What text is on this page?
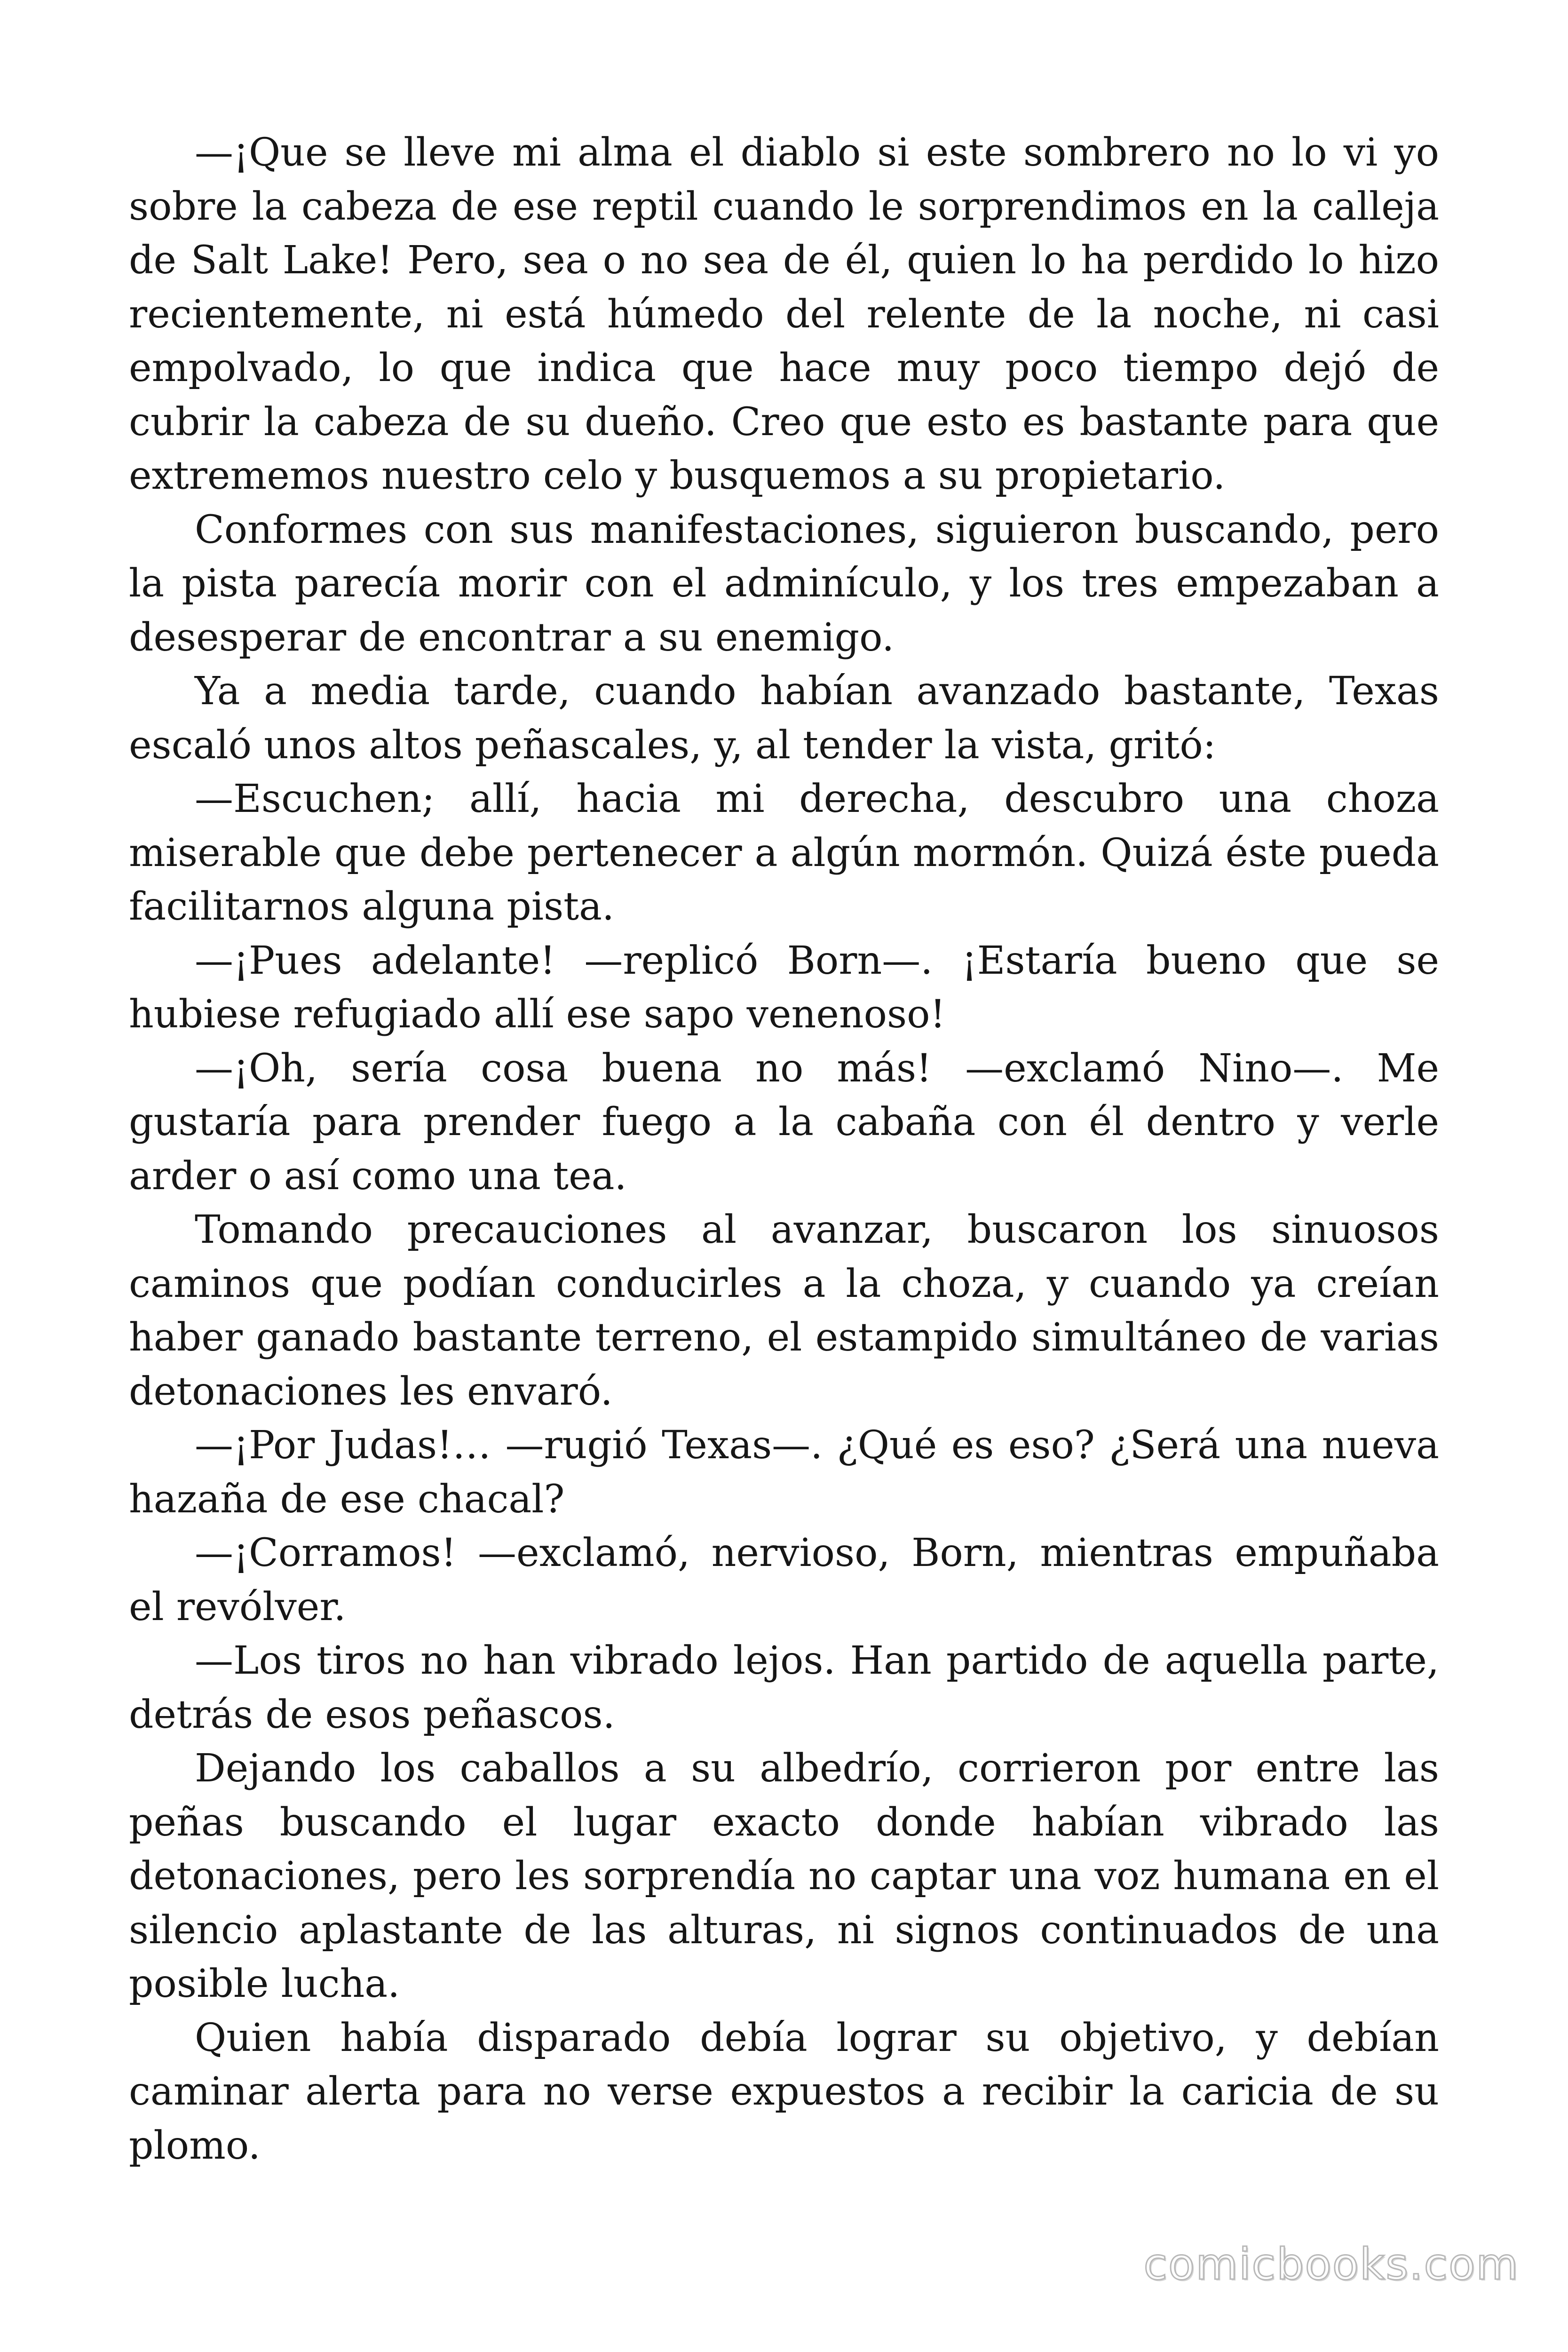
—¡Que se lleve mi alma el diablo si este sombrero no lo vi yo sobre la cabeza de ese reptil cuando le sorprendimos en la calleja de Salt Lake! Pero, sea o no sea de él, quien lo ha perdido lo hizo recientemente, ni está húmedo del relente de la noche, ni casi empolvado, lo que indica que hace muy poco tiempo dejó de cubrir la cabeza de su dueño. Creo que esto es bastante para que extrememos nuestro celo y busquemos a su propietario.

Conformes con sus manifestaciones, siguieron buscando, pero la pista parecía morir con el adminículo, y los tres empezaban a desesperar de encontrar a su enemigo.

Ya a media tarde, cuando habían avanzado bastante, Texas escaló unos altos peñascales, y, al tender la vista, gritó:

—Escuchen; allí, hacia mi derecha, descubro una choza miserable que debe pertenecer a algún mormón. Quizá éste pueda facilitarnos alguna pista.

—¡Pues adelante! —replicó Born—. ¡Estaría bueno que se hubiese refugiado allí ese sapo venenoso!

—¡Oh, sería cosa buena no más! —exclamó Nino—. Me gustaría para prender fuego a la cabaña con él dentro y verle arder o así como una tea.

Tomando precauciones al avanzar, buscaron los sinuosos caminos que podían conducirles a la choza, y cuando ya creían haber ganado bastante terreno, el estampido simultáneo de varias detonaciones les envaró.

—¡Por Judas!… —rugió Texas—. ¿Qué es eso? ¿Será una nueva hazaña de ese chacal?

—¡Corramos! —exclamó, nervioso, Born, mientras empuñaba el revólver.

—Los tiros no han vibrado lejos. Han partido de aquella parte, detrás de esos peñascos.

Dejando los caballos a su albedrío, corrieron por entre las peñas buscando el lugar exacto donde habían vibrado las detonaciones, pero les sorprendía no captar una voz humana en el silencio aplastante de las alturas, ni signos continuados de una posible lucha.

Quien había disparado debía lograr su objetivo, y debían caminar alerta para no verse expuestos a recibir la caricia de su plomo.

comicbooks.com
